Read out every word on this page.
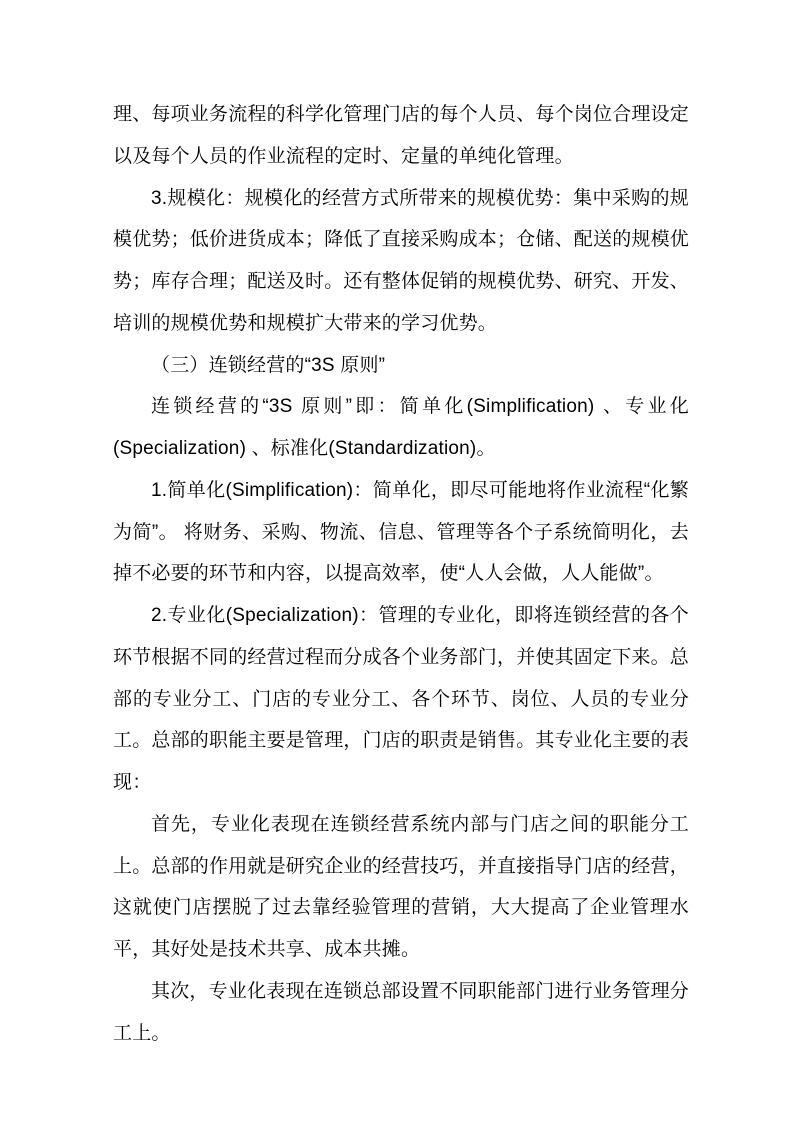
理、每项业务流程的科学化管理门店的每个人员、每个岗位合理设定以及每个人员的作业流程的定时、定量的单纯化管理。

3.规模化：规模化的经营方式所带来的规模优势：集中采购的规模优势；低价进货成本；降低了直接采购成本；仓储、配送的规模优势；库存合理；配送及时。还有整体促销的规模优势、研究、开发、培训的规模优势和规模扩大带来的学习优势。

（三）连锁经营的“3S 原则”

连锁经营的“3S 原则”即：简单化(Simplification) 、专业化(Specialization) 、标准化(Standardization)。

1.简单化(Simplification)：简单化，即尽可能地将作业流程“化繁为简”。 将财务、采购、物流、信息、管理等各个子系统简明化，去掉不必要的环节和内容，以提高效率，使“人人会做，人人能做”。

2.专业化(Specialization)：管理的专业化，即将连锁经营的各个环节根据不同的经营过程而分成各个业务部门，并使其固定下来。总部的专业分工、门店的专业分工、各个环节、岗位、人员的专业分工。总部的职能主要是管理，门店的职责是销售。其专业化主要的表现：

首先，专业化表现在连锁经营系统内部与门店之间的职能分工上。总部的作用就是研究企业的经营技巧，并直接指导门店的经营，这就使门店摆脱了过去靠经验管理的营销，大大提高了企业管理水平，其好处是技术共享、成本共摊。

其次，专业化表现在连锁总部设置不同职能部门进行业务管理分工上。
